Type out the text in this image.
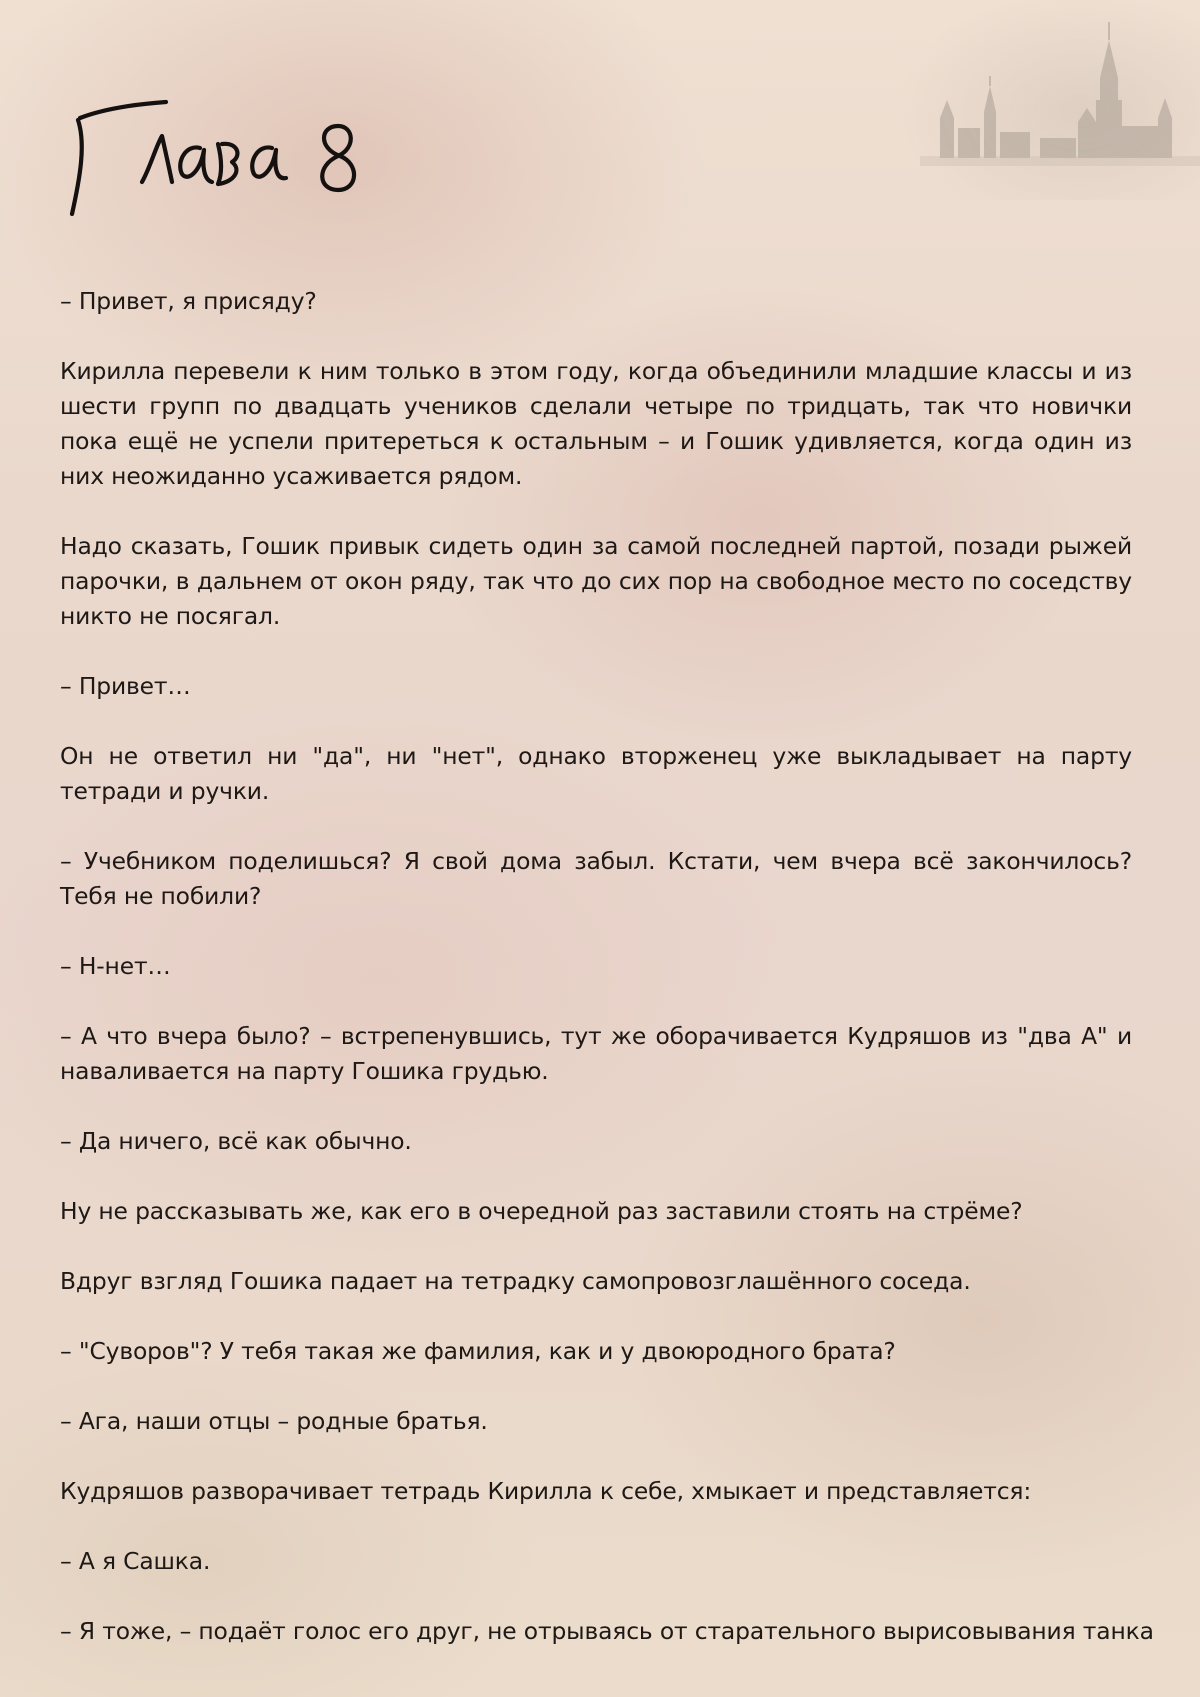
– Привет, я присяду?

Кирилла перевели к ним только в этом году, когда объединили младшие классы и из шести групп по двадцать учеников сделали четыре по тридцать, так что новички пока ещё не успели притереться к остальным – и Гошик удивляется, когда один из них неожиданно усаживается рядом.

Надо сказать, Гошик привык сидеть один за самой последней партой, позади рыжей парочки, в дальнем от окон ряду, так что до сих пор на свободное место по соседству никто не посягал.

– Привет…

Он не ответил ни "да", ни "нет", однако вторженец уже выкладывает на парту тетради и ручки.

– Учебником поделишься? Я свой дома забыл. Кстати, чем вчера всё закончилось? Тебя не побили?

– Н-нет…

– А что вчера было? – встрепенувшись, тут же оборачивается Кудряшов из "два А" и наваливается на парту Гошика грудью.

– Да ничего, всё как обычно.

Ну не рассказывать же, как его в очередной раз заставили стоять на стрёме?

Вдруг взгляд Гошика падает на тетрадку самопровозглашённого соседа.

– "Суворов"? У тебя такая же фамилия, как и у двоюродного брата?

– Ага, наши отцы – родные братья.

Кудряшов разворачивает тетрадь Кирилла к себе, хмыкает и представляется:

– А я Сашка.

– Я тоже, – подаёт голос его друг, не отрываясь от старательного вырисовывания танка
